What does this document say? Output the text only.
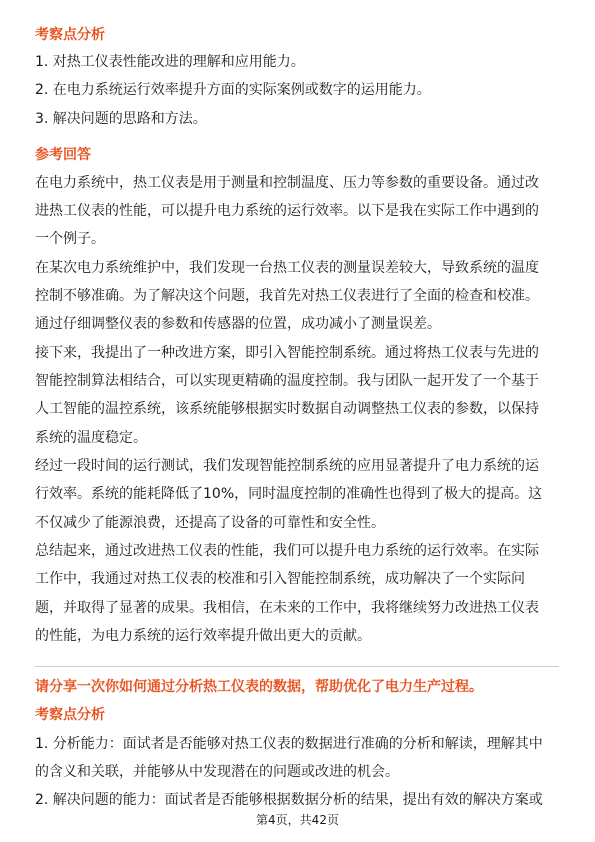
考察点分析
1. 对热工仪表性能改进的理解和应用能力。
2. 在电力系统运行效率提升方面的实际案例或数字的运用能力。
3. 解决问题的思路和方法。
参考回答
在电力系统中，热工仪表是用于测量和控制温度、压力等参数的重要设备。通过改
进热工仪表的性能，可以提升电力系统的运行效率。以下是我在实际工作中遇到的
一个例子。
在某次电力系统维护中，我们发现一台热工仪表的测量误差较大，导致系统的温度
控制不够准确。为了解决这个问题，我首先对热工仪表进行了全面的检查和校准。
通过仔细调整仪表的参数和传感器的位置，成功减小了测量误差。
接下来，我提出了一种改进方案，即引入智能控制系统。通过将热工仪表与先进的
智能控制算法相结合，可以实现更精确的温度控制。我与团队一起开发了一个基于
人工智能的温控系统，该系统能够根据实时数据自动调整热工仪表的参数，以保持
系统的温度稳定。
经过一段时间的运行测试，我们发现智能控制系统的应用显著提升了电力系统的运
行效率。系统的能耗降低了10%，同时温度控制的准确性也得到了极大的提高。这
不仅减少了能源浪费，还提高了设备的可靠性和安全性。
总结起来，通过改进热工仪表的性能，我们可以提升电力系统的运行效率。在实际
工作中，我通过对热工仪表的校准和引入智能控制系统，成功解决了一个实际问
题，并取得了显著的成果。我相信，在未来的工作中，我将继续努力改进热工仪表
的性能，为电力系统的运行效率提升做出更大的贡献。
请分享一次你如何通过分析热工仪表的数据，帮助优化了电力生产过程。
考察点分析
1. 分析能力：面试者是否能够对热工仪表的数据进行准确的分析和解读，理解其中
的含义和关联，并能够从中发现潜在的问题或改进的机会。
2. 解决问题的能力：面试者是否能够根据数据分析的结果，提出有效的解决方案或
第4页，共42页
